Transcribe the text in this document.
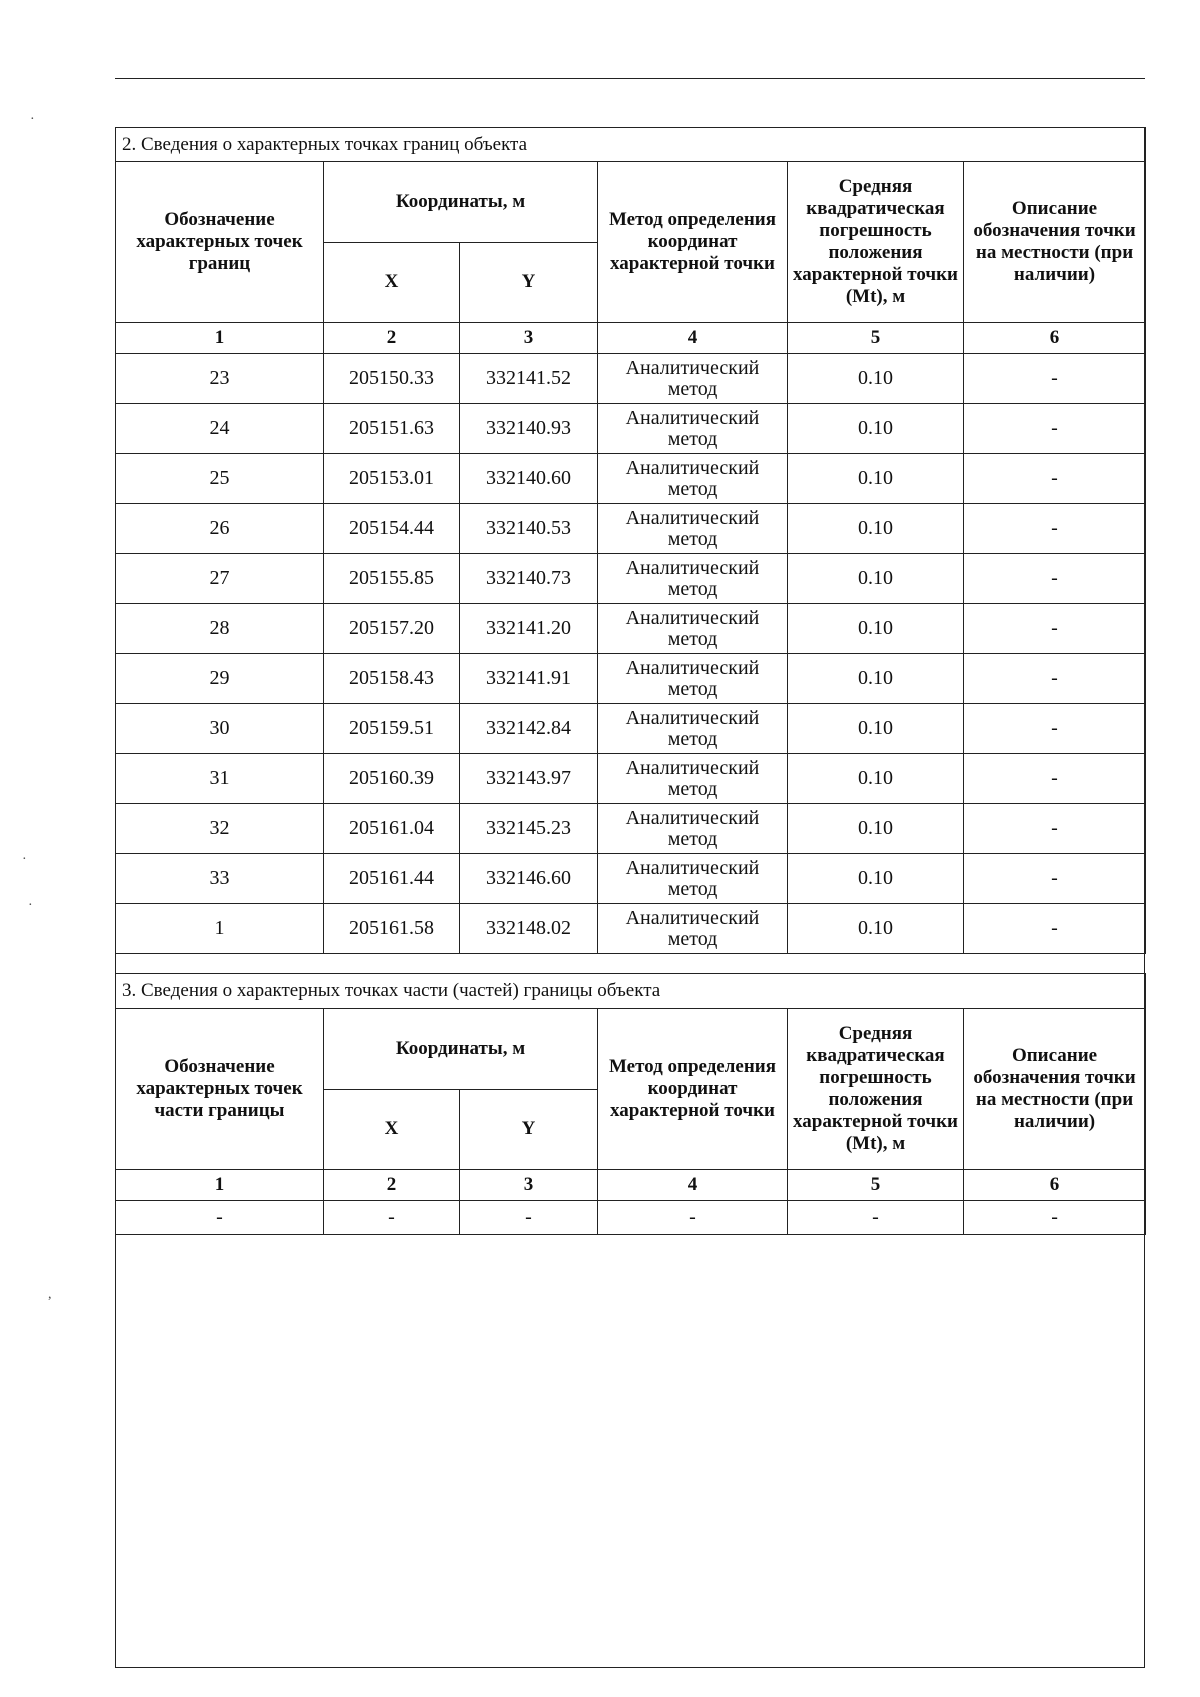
·
·
·
,
2. Сведения о характерных точках границ объекта					
Обозначение характерных точек границ	Координаты, м		Метод определения координат характерной точки	Средняя квадратическая погрешность положения характерной точки (Mt), м	Описание обозначения точки на местности (при наличии)
	X	Y			
1	2	3	4	5	6
23	205150.33	332141.52	Аналитический метод	0.10	-
24	205151.63	332140.93	Аналитический метод	0.10	-
25	205153.01	332140.60	Аналитический метод	0.10	-
26	205154.44	332140.53	Аналитический метод	0.10	-
27	205155.85	332140.73	Аналитический метод	0.10	-
28	205157.20	332141.20	Аналитический метод	0.10	-
29	205158.43	332141.91	Аналитический метод	0.10	-
30	205159.51	332142.84	Аналитический метод	0.10	-
31	205160.39	332143.97	Аналитический метод	0.10	-
32	205161.04	332145.23	Аналитический метод	0.10	-
33	205161.44	332146.60	Аналитический метод	0.10	-
1	205161.58	332148.02	Аналитический метод	0.10	-
3. Сведения о характерных точках части (частей) границы объекта					
Обозначение характерных точек части границы	Координаты, м		Метод определения координат характерной точки	Средняя квадратическая погрешность положения характерной точки (Mt), м	Описание обозначения точки на местности (при наличии)
	X	Y			
1	2	3	4	5	6
-	-	-	-	-	-
